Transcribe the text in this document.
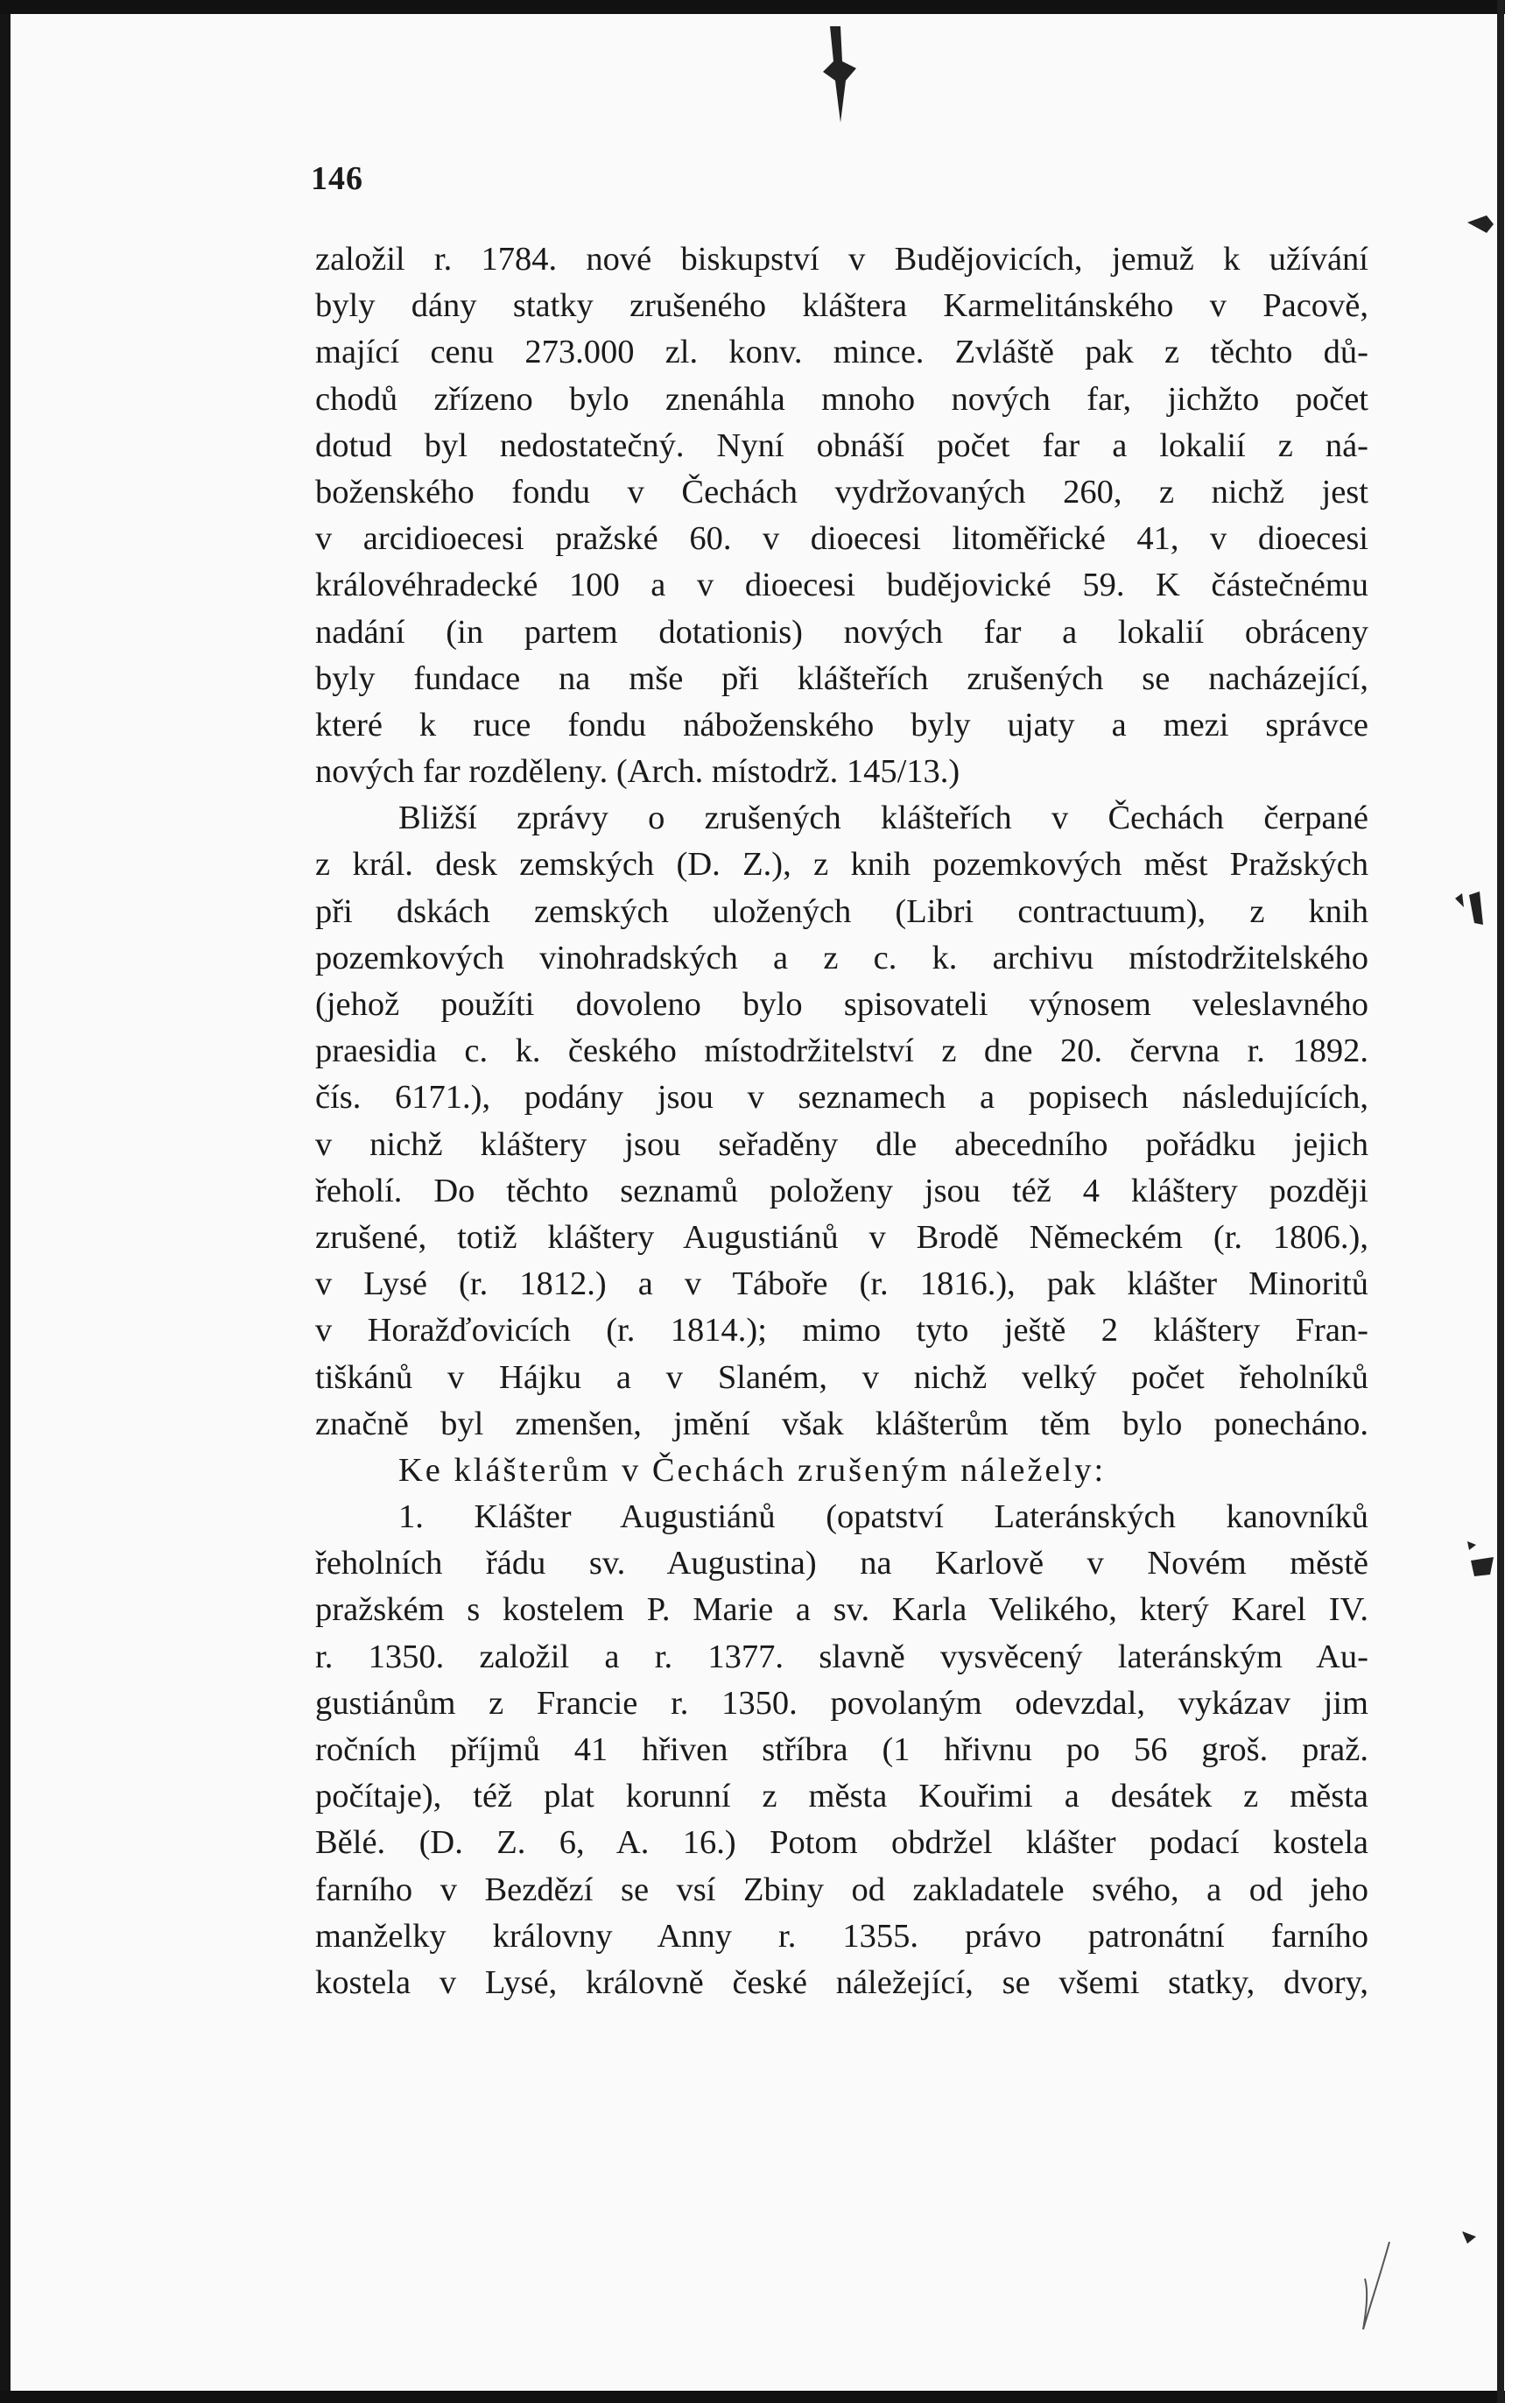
146
založil r. 1784. nové biskupství v Budějovicích, jemuž k užívání
byly dány statky zrušeného kláštera Karmelitánského v Pacově,
mající cenu 273.000 zl. konv. mince. Zvláště pak z těchto dů-
chodů zřízeno bylo znenáhla mnoho nových far, jichžto počet
dotud byl nedostatečný. Nyní obnáší počet far a lokalií z ná-
boženského fondu v Čechách vydržovaných 260, z nichž jest
v arcidioecesi pražské 60. v dioecesi litoměřické 41, v dioecesi
královéhradecké 100 a v dioecesi budějovické 59. K částečnému
nadání (in partem dotationis) nových far a lokalií obráceny
byly fundace na mše při klášteřích zrušených se nacházející,
které k ruce fondu náboženského byly ujaty a mezi správce
nových far rozděleny. (Arch. místodrž. 145/13.)
Bližší zprávy o zrušených klášteřích v Čechách čerpané
z král. desk zemských (D. Z.), z knih pozemkových měst Pražských
při dskách zemských uložených (Libri contractuum), z knih
pozemkových vinohradských a z c. k. archivu místodržitelského
(jehož použíti dovoleno bylo spisovateli výnosem veleslavného
praesidia c. k. českého místodržitelství z dne 20. června r. 1892.
čís. 6171.), podány jsou v seznamech a popisech následujících,
v nichž kláštery jsou seřaděny dle abecedního pořádku jejich
řeholí. Do těchto seznamů položeny jsou též 4 kláštery později
zrušené, totiž kláštery Augustiánů v Brodě Německém (r. 1806.),
v Lysé (r. 1812.) a v Táboře (r. 1816.), pak klášter Minoritů
v Horažďovicích (r. 1814.); mimo tyto ještě 2 kláštery Fran-
tiškánů v Hájku a v Slaném, v nichž velký počet řeholníků
značně byl zmenšen, jmění však klášterům těm bylo ponecháno.
Ke klášterům v Čechách zrušeným náležely:
1. Klášter Augustiánů (opatství Lateránských kanovníků
řeholních řádu sv. Augustina) na Karlově v Novém městě
pražském s kostelem P. Marie a sv. Karla Velikého, který Karel IV.
r. 1350. založil a r. 1377. slavně vysvěcený lateránským Au-
gustiánům z Francie r. 1350. povolaným odevzdal, vykázav jim
ročních příjmů 41 hřiven stříbra (1 hřivnu po 56 groš. praž.
počítaje), též plat korunní z města Kouřimi a desátek z města
Bělé. (D. Z. 6, A. 16.) Potom obdržel klášter podací kostela
farního v Bezdězí se vsí Zbiny od zakladatele svého, a od jeho
manželky královny Anny r. 1355. právo patronátní farního
kostela v Lysé, královně české náležející, se všemi statky, dvory,
